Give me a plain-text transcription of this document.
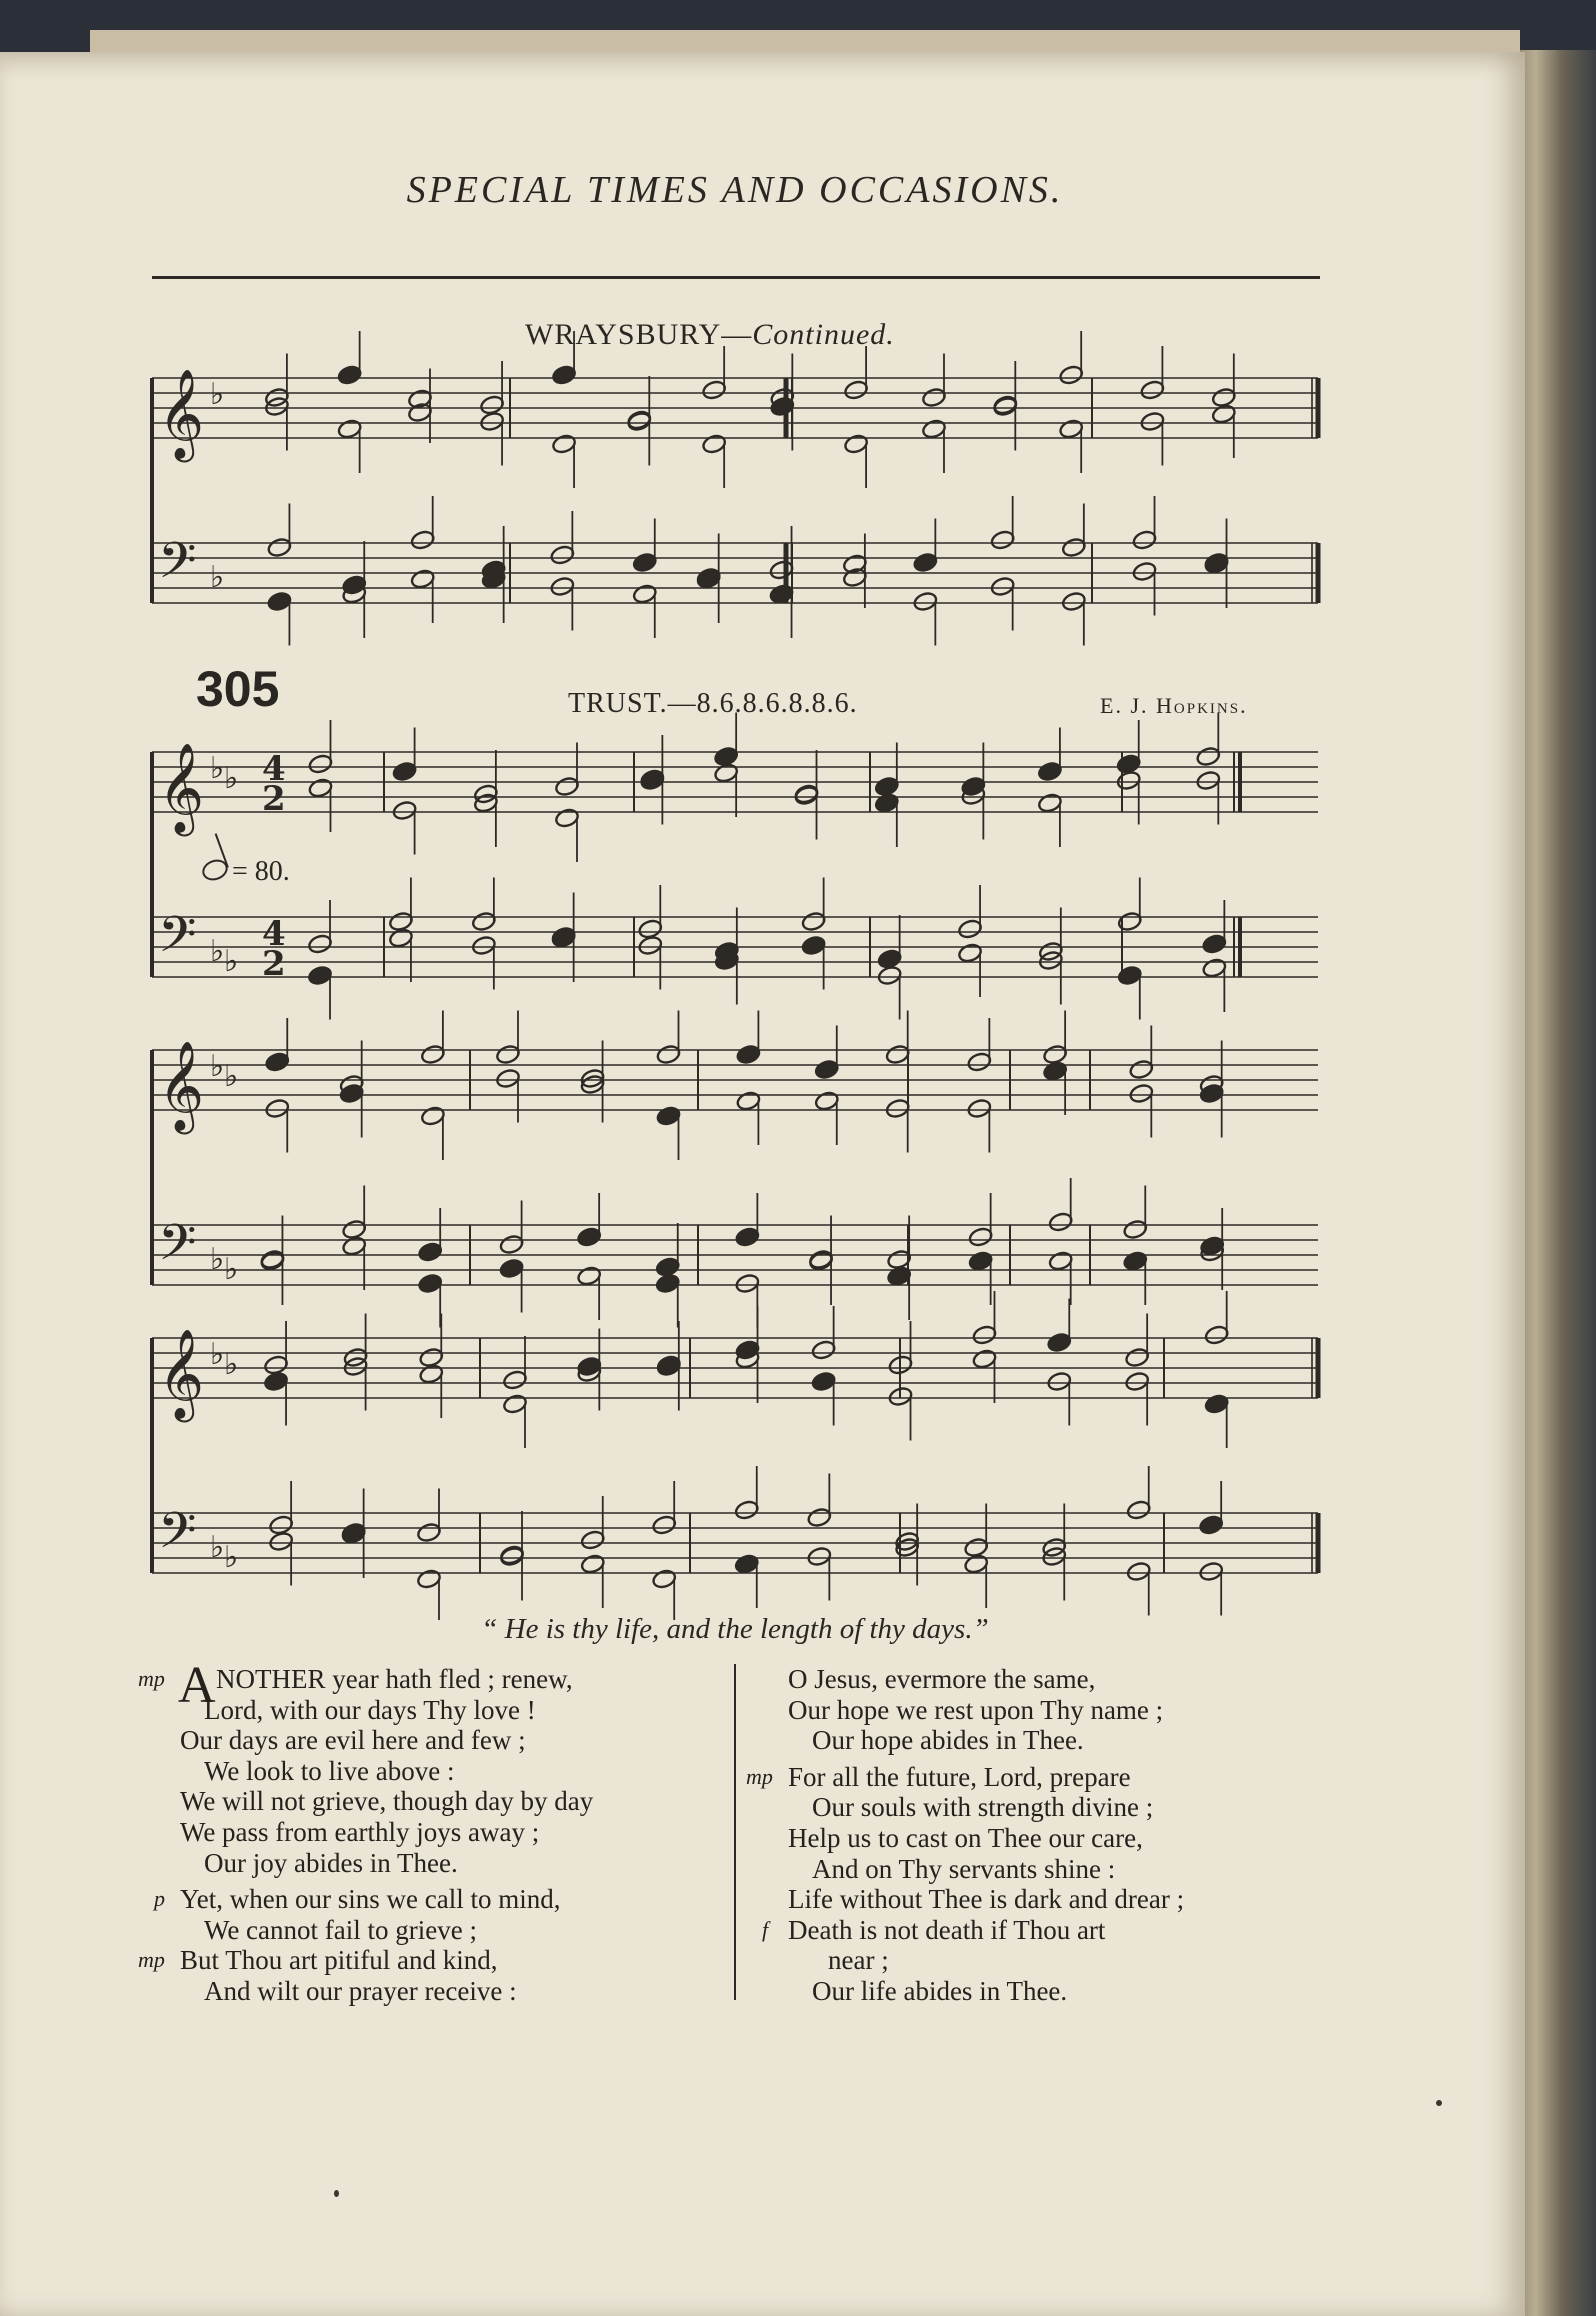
SPECIAL TIMES AND OCCASIONS.
WRAYSBURY—Continued.
305	TRUST.—8.6.8.6.8.8.6.	E. J. Hopkins.
𝄞
𝄢
♭
♭
𝄞
𝄢
♭
♭
♭
♭
4
2
4
2
𝄞
𝄢
♭
♭
♭
♭
𝄞
𝄢
♭
♭
♭
♭
= 80.
“ He is thy life, and the length of thy days.”
mp A NOTHER year hath fled ; renew,
Lord, with our days Thy love !
Our days are evil here and few ;
We look to live above :
We will not grieve, though day by day
We pass from earthly joys away ;
Our joy abides in Thee.
p Yet, when our sins we call to mind,
We cannot fail to grieve ;
mp But Thou art pitiful and kind,
And wilt our prayer receive :
O Jesus, evermore the same,
Our hope we rest upon Thy name ;
Our hope abides in Thee.
mp For all the future, Lord, prepare
Our souls with strength divine ;
Help us to cast on Thee our care,
And on Thy servants shine :
Life without Thee is dark and drear ;
f Death is not death if Thou art
near ;
Our life abides in Thee.
